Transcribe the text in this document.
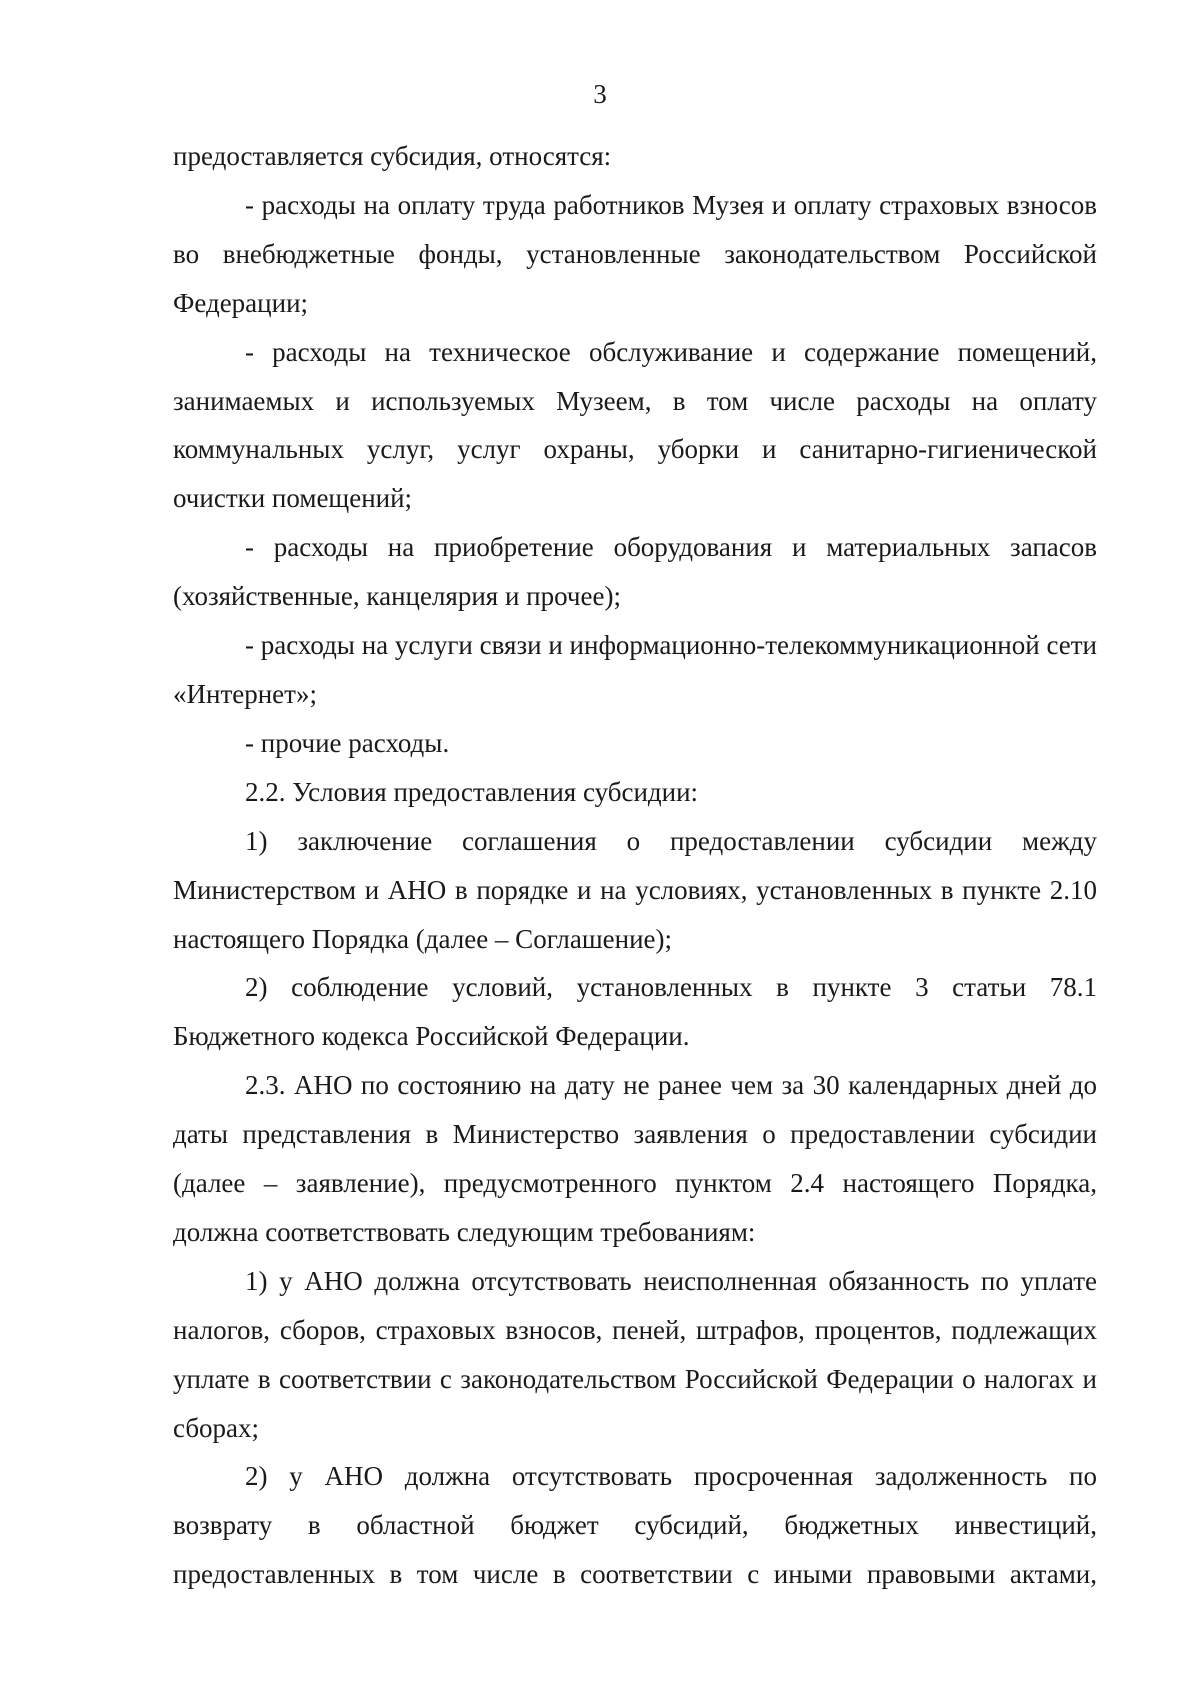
3

предоставляется субсидия, относятся:

- расходы на оплату труда работников Музея и оплату страховых взносов во внебюджетные фонды, установленные законодательством Российской Федерации;

- расходы на техническое обслуживание и содержание помещений, занимаемых и используемых Музеем, в том числе расходы на оплату коммунальных услуг, услуг охраны, уборки и санитарно-гигиенической очистки помещений;

- расходы на приобретение оборудования и материальных запасов (хозяйственные, канцелярия и прочее);

- расходы на услуги связи и информационно-телекоммуникационной сети «Интернет»;

- прочие расходы.

2.2. Условия предоставления субсидии:

1) заключение соглашения о предоставлении субсидии между Министерством и АНО в порядке и на условиях, установленных в пункте 2.10 настоящего Порядка (далее – Соглашение);

2) соблюдение условий, установленных в пункте 3 статьи 78.1 Бюджетного кодекса Российской Федерации.

2.3. АНО по состоянию на дату не ранее чем за 30 календарных дней до даты представления в Министерство заявления о предоставлении субсидии (далее – заявление), предусмотренного пунктом 2.4 настоящего Порядка, должна соответствовать следующим требованиям:

1) у АНО должна отсутствовать неисполненная обязанность по уплате налогов, сборов, страховых взносов, пеней, штрафов, процентов, подлежащих уплате в соответствии с законодательством Российской Федерации о налогах и сборах;

2) у АНО должна отсутствовать просроченная задолженность по возврату в областной бюджет субсидий, бюджетных инвестиций, предоставленных в том числе в соответствии с иными правовыми актами,
